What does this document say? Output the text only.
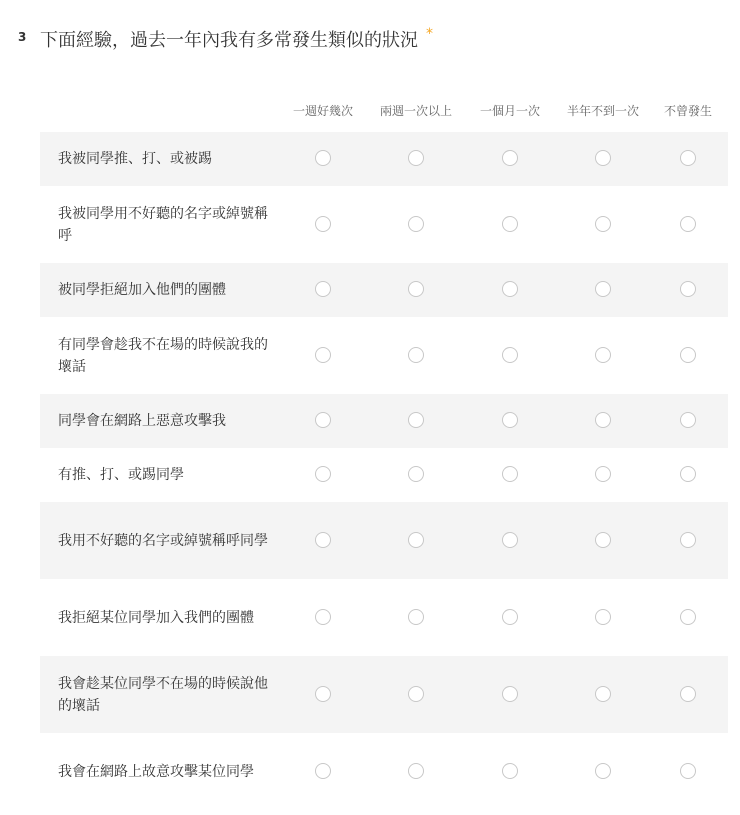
3 下面經驗，過去一年內我有多常發生類似的狀況 *
一週好幾次	兩週一次以上	一個月一次	半年不到一次	不曾發生
我被同學推、打、或被踢
我被同學用不好聽的名字或綽號稱呼
被同學拒絕加入他們的團體
有同學會趁我不在場的時候說我的壞話
同學會在網路上惡意攻擊我
有推、打、或踢同學
我用不好聽的名字或綽號稱呼同學
我拒絕某位同學加入我們的團體
我會趁某位同學不在場的時候說他的壞話
我會在網路上故意攻擊某位同學
